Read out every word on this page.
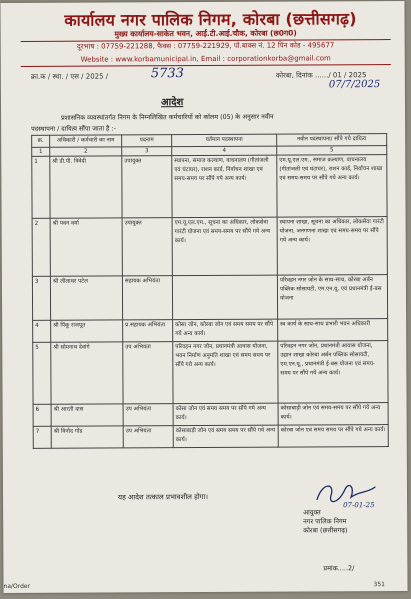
कार्यालय नगर पालिक निगम, कोरबा (छत्तीसगढ़)
मुख्य कार्यालय-साकेत भवन, आई.टी.आई.चौक, कोरबा (छ0ग0)
दूरभाष : 07759-221288, फैक्स : 07759-221929, पो.बाक्स नं. 12 पिन कोड - 495677
Website : www.korbamunicipal.in, Email : corporationkorba@gmail.com
क्रा.क / स्था. / एस / 2025 /	5733	कोरबा, दिनांक ....../ 01 / 2025
07/7/2025
आदेश
प्रशासनिक व्यवस्थांतर्गत निगम के निम्नलिखित कर्मचारियों को कॉलम (05) के अनुसार नवीन
पदस्थापना / दायित्व सौंपा जाता है :-
क्र.	अधिकारी / कर्मचारी का नाम	पदनाम	वर्तमान पदस्थापना	नवीन पदस्थापना/ सौंपे गये दायित्व
1	2	3	4	5
1	श्री डी.पी. त्रिवेदी	उपायुक्त	स्थापना, समाज कल्याण, वाचनालय (गीतांजली एवं घंटाघर), राशन कार्ड, निर्वाचन शाखा एवं समय-समय पर सौंपे गये अन्य कार्य।	एम.यू.एल.एम., समाज कल्याण, वाचनालय (गीतांजली एवं घंटाघर), राशन कार्ड, निर्वाचन शाखा एवं समय-समय पर सौंपे गये अन्य कार्य।
2	श्री पवन वर्मा	उपायुक्त	एम.यू.एल.एम., सूचना का अधिकार, लोकसेवा गारंटी योजना एवं समय-समय पर सौंपे गये अन्य कार्य।	स्थापना शाखा, सूचना का अधिकार, लोकसेवा गारंटी योजना, जनगणना शाखा एवं समय-समय पर सौंपे गये अन्य कार्य।
3	श्री लीलाधर पटेल	सहायक अभियंता		परिवहन नगर जोन के साथ-साथ, कोरबा अर्बन पब्लिक सोसायटी, एम.एन.यू. एवं प्रधानमंत्री ई-बस योजना
4	श्री पिंकू राजपूत	प्र.सहायक अभियंता	कोसा जोन, कोरबा जोन एवं समय समय पर सौंपे गये अन्य कार्य।	स्व कार्य के साथ-साथ प्रभारी भवन अधिकारी
5	श्री सोमनाथ देवांगे	उप अभियंता	परिवहन नगर जोन, प्रधानमंत्री आवास योजना, भवन निर्माण अनुमति शाखा एवं समय समय पर सौंपे गये अन्य कार्य।	परिवहन नगर जोन, प्रधानमंत्री आवास योजना, उद्यान शाखा कोरबा अर्बन पब्लिक सोसायटी, एम.एन.यू., प्रधानमंत्री ई-बस योजना एवं समय-समय पर सौंपे गये अन्य कार्य।
6	श्री आरती दास	उप अभियंता	कोसा जोन एवं समय समय पर सौंपे गये अन्य कार्य।	कोसाबाड़ी जोन एवं समय-समय पर सौंपे गये अन्य कार्य।
7	श्री विनोद गोंड	उप अभियंता	कोसाबाड़ी जोन एवं समय समय पर सौंपे गये अन्य कार्य।	कोरबा जोन एवं समय समय पर सौंपे गये अन्य कार्य।
यह आदेश तत्काल प्रभावशील होगा।
07-01-25
आयुक्त
नगर पालिक निगम
कोरबा (छत्तीसगढ़)
प्रमांक.....2/
351
na/Order
